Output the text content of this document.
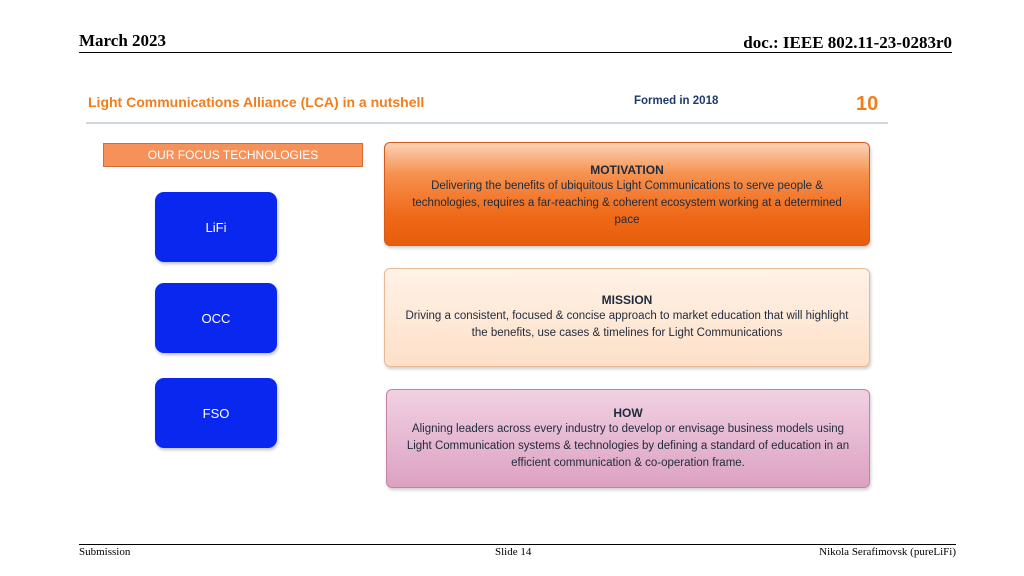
March 2023	doc.: IEEE 802.11-23-0283r0
Light Communications Alliance (LCA) in a nutshell	Formed in 2018	10
OUR FOCUS TECHNOLOGIES
LiFi
OCC
FSO
MOTIVATION
Delivering the benefits of ubiquitous Light Communications to serve people & technologies, requires a far-reaching & coherent ecosystem working at a determined pace
MISSION
Driving a consistent, focused & concise approach to market education that will highlight the benefits, use cases & timelines for Light Communications
HOW
Aligning leaders across every industry to develop or envisage business models using Light Communication systems & technologies by defining a standard of education in an efficient communication & co-operation frame.
Submission	Slide 14	Nikola Serafimovsk (pureLiFi)
